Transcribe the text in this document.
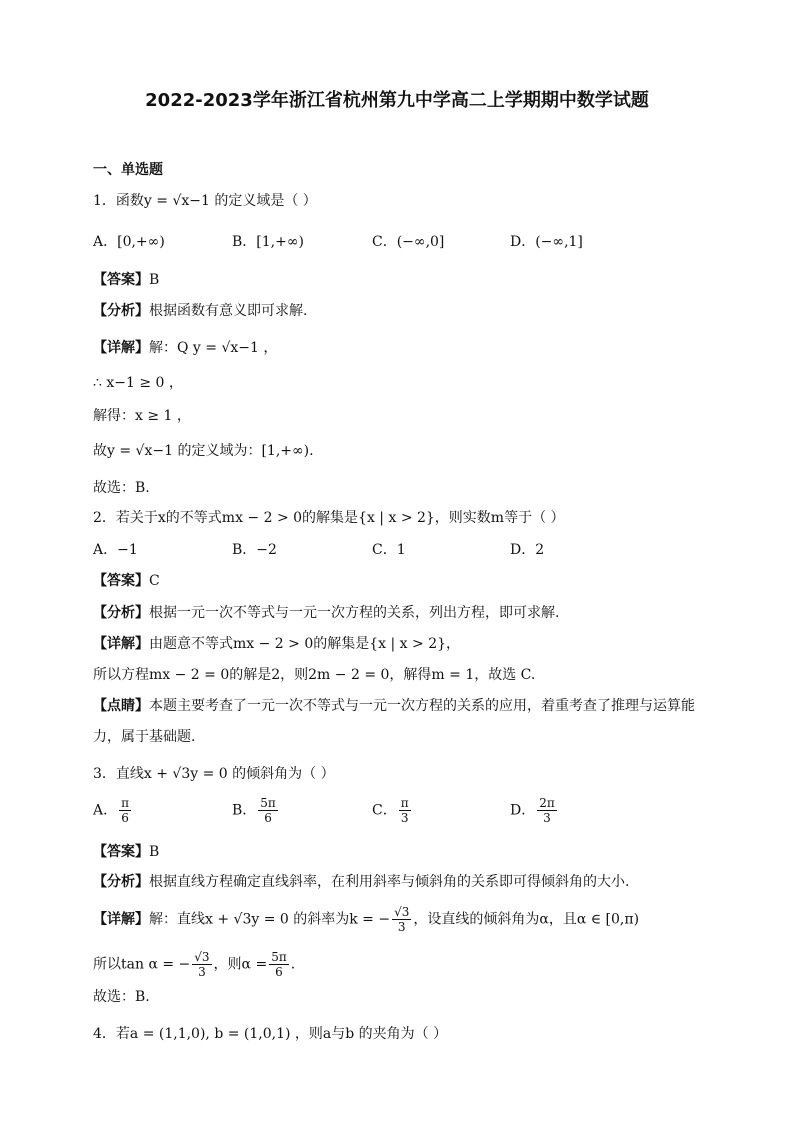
2022-2023学年浙江省杭州第九中学高二上学期期中数学试题
一、单选题
1．函数y = √x−1 的定义域是（ ）
A．[0,+∞)	B．[1,+∞)	C．(−∞,0]	D．(−∞,1]
【答案】B
【分析】根据函数有意义即可求解.
【详解】解：Q y = √x−1 ，
∴ x−1 ≥ 0 ，
解得：x ≥ 1 ，
故y = √x−1 的定义域为：[1,+∞).
故选：B.
2．若关于x的不等式mx − 2 > 0的解集是{x | x > 2}，则实数m等于（ ）
A．−1	B．−2	C．1	D．2
【答案】C
【分析】根据一元一次不等式与一元一次方程的关系，列出方程，即可求解.
【详解】由题意不等式mx − 2 > 0的解集是{x | x > 2}，
所以方程mx − 2 = 0的解是2，则2m − 2 = 0，解得m = 1，故选 C.
【点睛】本题主要考查了一元一次不等式与一元一次方程的关系的应用，着重考查了推理与运算能
力，属于基础题.
3．直线x + √3y = 0 的倾斜角为（ ）
A． $\frac{\pi}{6}$	B． $\frac{5\pi}{6}$	C． $\frac{\pi}{3}$	D． $\frac{2\pi}{3}$
【答案】B
【分析】根据直线方程确定直线斜率，在利用斜率与倾斜角的关系即可得倾斜角的大小.
【详解】解：直线x + √3y = 0 的斜率为k = − $\frac{√3}{3}$ ，设直线的倾斜角为α，且α ∈ [0,π)
所以tan α = − $\frac{√3}{3}$ ，则$\alpha = \frac{5\pi}{6}$ .
故选：B.
4．若a = (1,1,0), b = (1,0,1) ，则a与b 的夹角为（ ）
